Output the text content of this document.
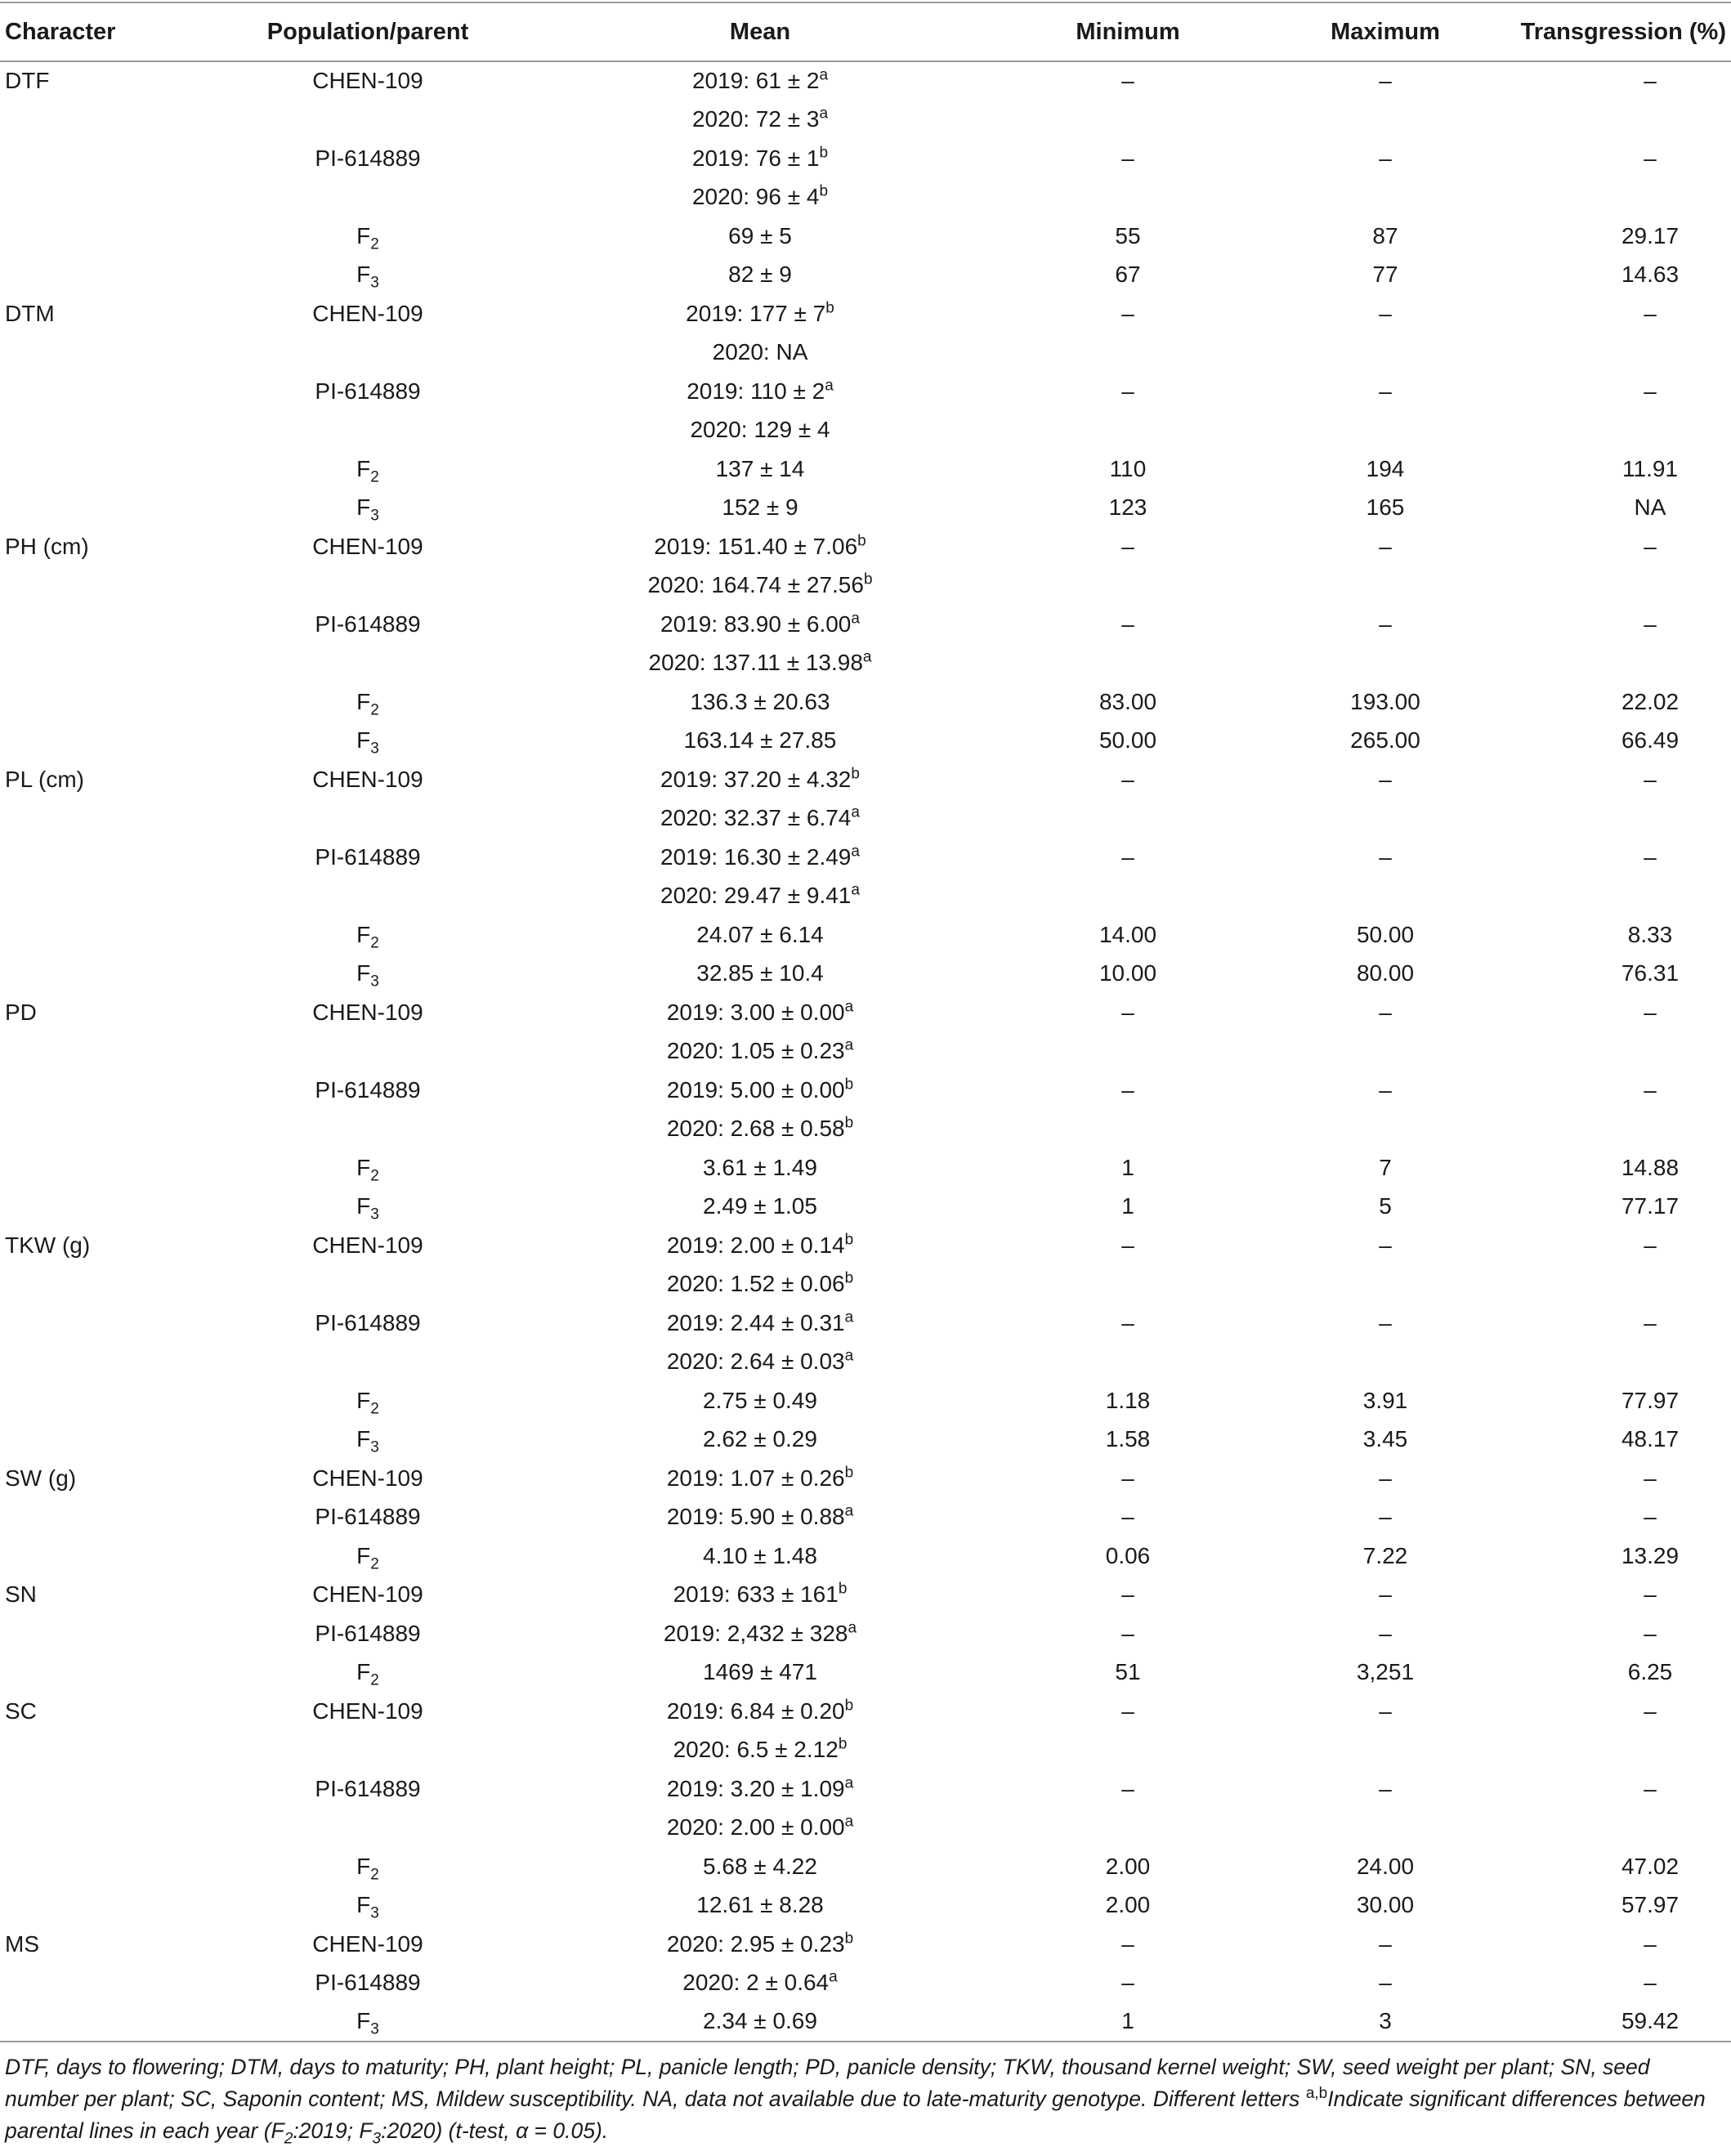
Character	Population/parent	Mean	Minimum	Maximum	Transgression (%)
DTF	CHEN-109	2019: $61 \pm 2^a$	–	–	–
		2020: $72 \pm 3^a$			
	PI-614889	2019: $76 \pm 1^b$	–	–	–
		2020: $96 \pm 4^b$			
	$F_2$	69 ± 5	55	87	29.17
	$F_3$	82 ± 9	67	77	14.63
DTM	CHEN-109	2019: $177 \pm 7^b$	–	–	–
		2020: NA			
	PI-614889	2019: $110 \pm 2^a$	–	–	–
		2020: 129 ± 4			
	$F_2$	137 ± 14	110	194	11.91
	$F_3$	152 ± 9	123	165	NA
PH (cm)	CHEN-109	2019: 151.40 ± 7.06$^b$	–	–	–
		2020: 164.74 ± 27.56$^b$			
	PI-614889	2019: 83.90 ± 6.00$^a$	–	–	–
		2020: 137.11 ± 13.98$^a$			
	$F_2$	136.3 ± 20.63	83.00	193.00	22.02
	$F_3$	163.14 ± 27.85	50.00	265.00	66.49
PL (cm)	CHEN-109	2019: 37.20 ± 4.32$^b$	–	–	–
		2020: 32.37 ± 6.74$^a$			
	PI-614889	2019: 16.30 ± 2.49$^a$	–	–	–
		2020: 29.47 ± 9.41$^a$			
	$F_2$	24.07 ± 6.14	14.00	50.00	8.33
	$F_3$	32.85 ± 10.4	10.00	80.00	76.31
PD	CHEN-109	2019: 3.00 ± 0.00$^a$	–	–	–
		2020: 1.05 ± 0.23$^a$			
	PI-614889	2019: 5.00 ± 0.00$^b$	–	–	–
		2020: 2.68 ± 0.58$^b$			
	$F_2$	3.61 ± 1.49	1	7	14.88
	$F_3$	2.49 ± 1.05	1	5	77.17
TKW (g)	CHEN-109	2019: 2.00 ± 0.14$^b$	–	–	–
		2020: 1.52 ± 0.06$^b$			
	PI-614889	2019: 2.44 ± 0.31$^a$	–	–	–
		2020: 2.64 ± 0.03$^a$			
	$F_2$	2.75 ± 0.49	1.18	3.91	77.97
	$F_3$	2.62 ± 0.29	1.58	3.45	48.17
SW (g)	CHEN-109	2019: 1.07 ± 0.26$^b$	–	–	–
	PI-614889	2019: 5.90 ± 0.88$^a$	–	–	–
	$F_2$	4.10 ± 1.48	0.06	7.22	13.29
SN	CHEN-109	2019: $633 \pm 161^b$	–	–	–
	PI-614889	2019: $2,432 \pm 328^a$	–	–	–
	$F_2$	1469 ± 471	51	3,251	6.25
SC	CHEN-109	2019: 6.84 ± 0.20$^b$	–	–	–
		2020: 6.5 ± 2.12$^b$			
	PI-614889	2019: 3.20 ± 1.09$^a$	–	–	–
		2020: 2.00 ± 0.00$^a$			
	$F_2$	5.68 ± 4.22	2.00	24.00	47.02
	$F_3$	12.61 ± 8.28	2.00	30.00	57.97
MS	CHEN-109	2020: 2.95 ± 0.23$^b$	–	–	–
	PI-614889	2020: 2 ± 0.64$^a$	–	–	–
	$F_3$	2.34 ± 0.69	1	3	59.42
DTF, days to flowering; DTM, days to maturity; PH, plant height; PL, panicle length; PD, panicle density; TKW, thousand kernel weight; SW, seed weight per plant; SN, seed number per plant; SC, Saponin content; MS, Mildew susceptibility. NA, data not available due to late-maturity genotype. Different letters $^{a,b}$Indicate significant differences between parental lines in each year ($F_2:2019$; $F_3:2020$) (t-test, α = 0.05).
